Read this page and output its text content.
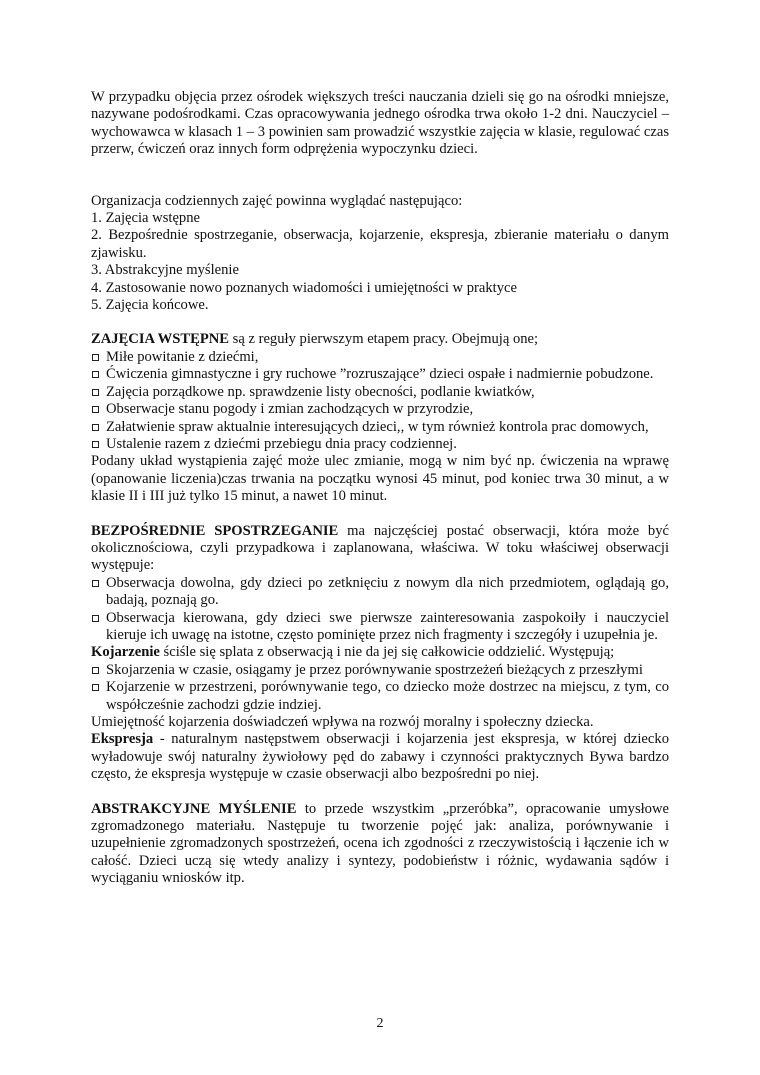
W przypadku objęcia przez ośrodek większych treści nauczania dzieli się go na ośrodki mniejsze, nazywane podośrodkami. Czas opracowywania jednego ośrodka trwa około 1-2 dni. Nauczyciel – wychowawca w klasach 1 – 3 powinien sam prowadzić wszystkie zajęcia w klasie, regulować czas przerw, ćwiczeń oraz innych form odprężenia wypoczynku dzieci.

Organizacja codziennych zajęć powinna wyglądać następująco:

1. Zajęcia wstępne

2. Bezpośrednie spostrzeganie, obserwacja, kojarzenie, ekspresja, zbieranie materiału o danym zjawisku.

3. Abstrakcyjne myślenie

4. Zastosowanie nowo poznanych wiadomości i umiejętności w praktyce

5. Zajęcia końcowe.

ZAJĘCIA WSTĘPNE są z reguły pierwszym etapem pracy. Obejmują one;

Miłe powitanie z dziećmi,

Ćwiczenia gimnastyczne i gry ruchowe ”rozruszające” dzieci ospałe i nadmiernie pobudzone.

Zajęcia porządkowe np. sprawdzenie listy obecności, podlanie kwiatków,

Obserwacje stanu pogody i zmian zachodzących w przyrodzie,

Załatwienie spraw aktualnie interesujących dzieci,, w tym również kontrola prac domowych,

Ustalenie razem z dziećmi przebiegu dnia pracy codziennej.

Podany układ wystąpienia zajęć może ulec zmianie, mogą w nim być np. ćwiczenia na wprawę (opanowanie liczenia)czas trwania na początku wynosi 45 minut, pod koniec trwa 30 minut, a w klasie II i III już tylko 15 minut, a nawet 10 minut.

BEZPOŚREDNIE SPOSTRZEGANIE ma najczęściej postać obserwacji, która może być okolicznościowa, czyli przypadkowa i zaplanowana, właściwa. W toku właściwej obserwacji występuje:

Obserwacja dowolna, gdy dzieci po zetknięciu z nowym dla nich przedmiotem, oglądają go, badają, poznają go.

Obserwacja kierowana, gdy dzieci swe pierwsze zainteresowania zaspokoiły i nauczyciel kieruje ich uwagę na istotne, często pominięte przez nich fragmenty i szczegóły i uzupełnia je.

Kojarzenie ściśle się splata z obserwacją i nie da jej się całkowicie oddzielić. Występują;

Skojarzenia w czasie, osiągamy je przez porównywanie spostrzeżeń bieżących z przeszłymi

Kojarzenie w przestrzeni, porównywanie tego, co dziecko może dostrzec na miejscu, z tym, co współcześnie zachodzi gdzie indziej.

Umiejętność kojarzenia doświadczeń wpływa na rozwój moralny i społeczny dziecka.

Ekspresja - naturalnym następstwem obserwacji i kojarzenia jest ekspresja, w której dziecko wyładowuje swój naturalny żywiołowy pęd do zabawy i czynności praktycznych Bywa bardzo często, że ekspresja występuje w czasie obserwacji albo bezpośredni po niej.

ABSTRAKCYJNE MYŚLENIE to przede wszystkim „przeróbka”, opracowanie umysłowe zgromadzonego materiału. Następuje tu tworzenie pojęć jak: analiza, porównywanie i uzupełnienie zgromadzonych spostrzeżeń, ocena ich zgodności z rzeczywistością i łączenie ich w całość. Dzieci uczą się wtedy analizy i syntezy, podobieństw i różnic, wydawania sądów i wyciąganiu wniosków itp.

2
